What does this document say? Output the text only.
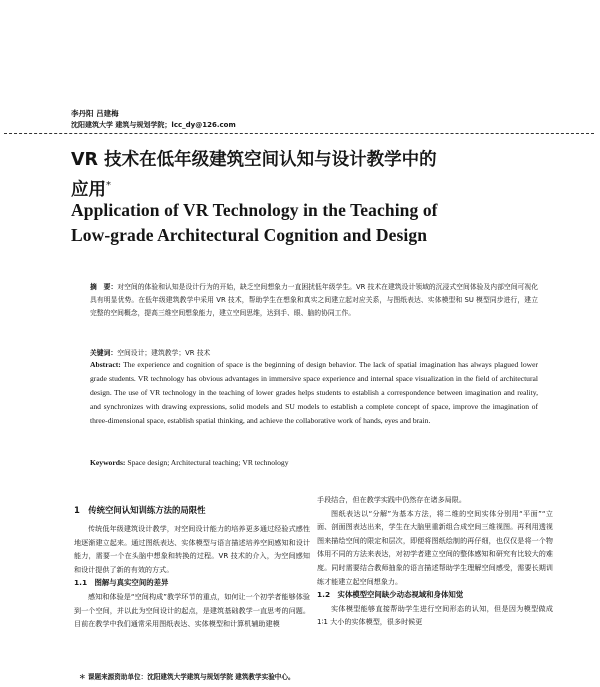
李丹阳 吕建梅
沈阳建筑大学 建筑与规划学院；lcc_dy@126.com
VR 技术在低年级建筑空间认知与设计教学中的
应用*
Application of VR Technology in the Teaching of
Low-grade Architectural Cognition and Design
摘　要：对空间的体验和认知是设计行为的开始，缺乏空间想象力一直困扰低年级学生。VR 技术在建筑设计领域的沉浸式空间体验及内部空间可视化具有明显优势。在低年级建筑教学中采用 VR 技术，帮助学生在想象和真实之间建立起对应关系，与图纸表达、实体模型和 SU 模型同步进行，建立完整的空间概念，提高三维空间想象能力，建立空间思维，达到手、眼、脑的协同工作。
关键词：空间设计；建筑教学；VR 技术
Abstract: The experience and cognition of space is the beginning of design behavior. The lack of spatial imagination has always plagued lower grade students. VR technology has obvious advantages in immersive space experience and internal space visualization in the field of architectural design. The use of VR technology in the teaching of lower grades helps students to establish a correspondence between imagination and reality, and synchronizes with drawing expressions, solid models and SU models to establish a complete concept of space, improve the imagination of three-dimensional space, establish spatial thinking, and achieve the collaborative work of hands, eyes and brain.
Keywords: Space design; Architectural teaching; VR technology
1　传统空间认知训练方法的局限性

传统低年级建筑设计教学，对空间设计能力的培养更多通过经验式感性地逐渐建立起来。通过图纸表达、实体模型与语言描述培养空间感知和设计能力，需要一个在头脑中想象和转换的过程。VR 技术的介入，为空间感知和设计提供了新的有效的方式。

1.1　图解与真实空间的差异

感知和体验是“空间构成”教学环节的重点，如何让一个初学者能够体验到一个空间，并以此为空间设计的起点，是建筑基础教学一直思考的问题。目前在教学中我们通常采用图纸表达、实体模型和计算机辅助建模

手段结合，但在教学实践中仍然存在诸多局限。

图纸表达以“分解”为基本方法，将二维的空间实体分别用“平面”“立面、剖面图表达出来，学生在大脑里重新组合成空间三维视图。再利用透视图来描绘空间的限定和层次，即便将图纸绘制的再仔细，也仅仅是将一个物体用不同的方法来表达，对初学者建立空间的整体感知和研究有比较大的难度。同时需要结合教师抽象的语言描述帮助学生理解空间感受，需要长期训练才能建立起空间想象力。

1.2　实体模型空间缺少动态视域和身体知觉

实体模型能够直接帮助学生进行空间形态的认知，但是因为模型做成 1∶1 大小的实体模型，很多时候更

＊ 课题来源资助单位：沈阳建筑大学建筑与规划学院 建筑教学实验中心。
